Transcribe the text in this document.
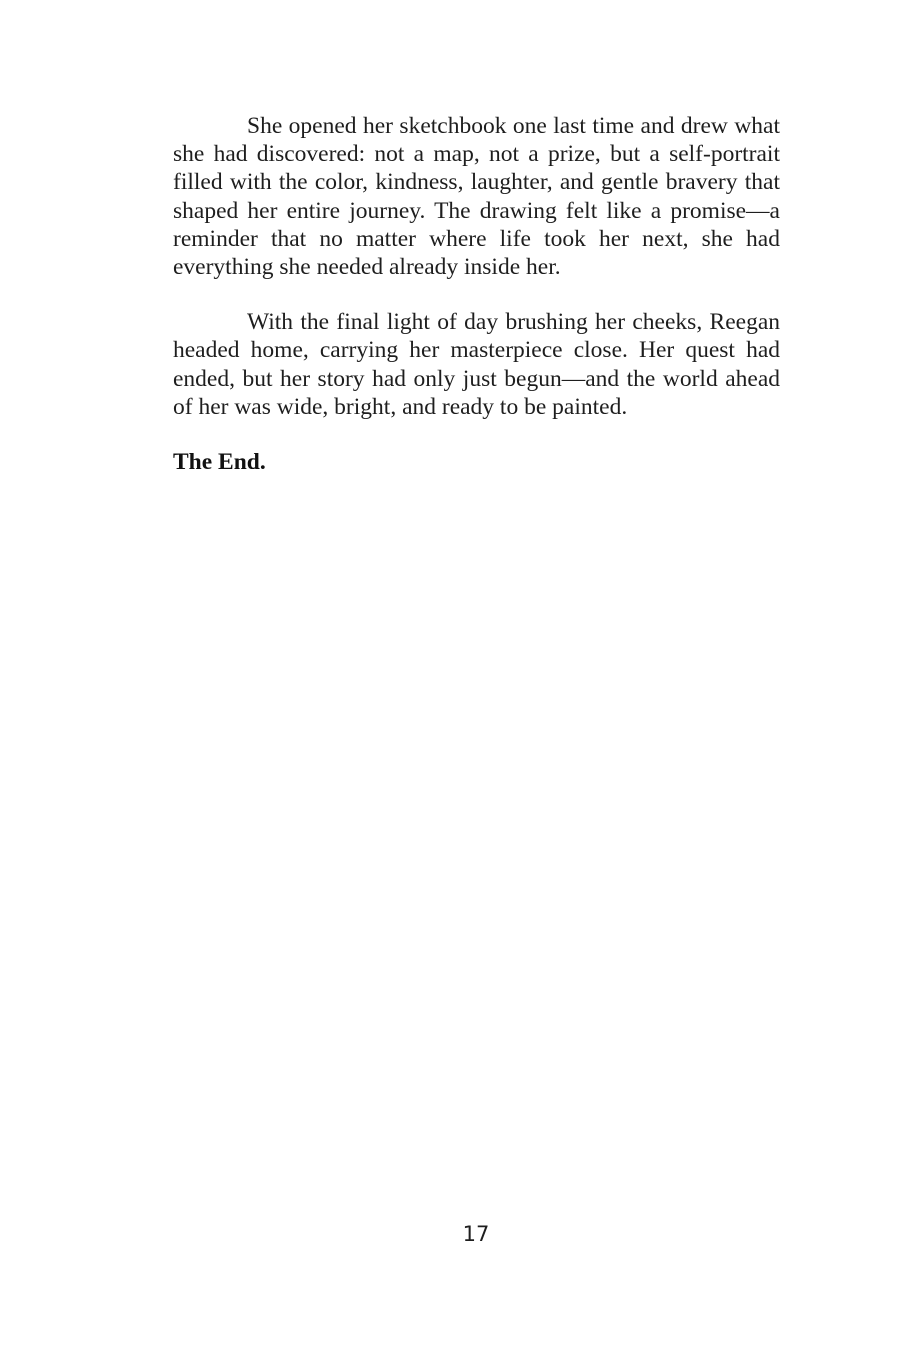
She opened her sketchbook one last time and drew what she had discovered: not a map, not a prize, but a self-portrait filled with the color, kindness, laughter, and gentle bravery that shaped her entire journey. The drawing felt like a promise—a reminder that no matter where life took her next, she had everything she needed already inside her.

With the final light of day brushing her cheeks, Reegan headed home, carrying her masterpiece close. Her quest had ended, but her story had only just begun—and the world ahead of her was wide, bright, and ready to be painted.

The End.

17
